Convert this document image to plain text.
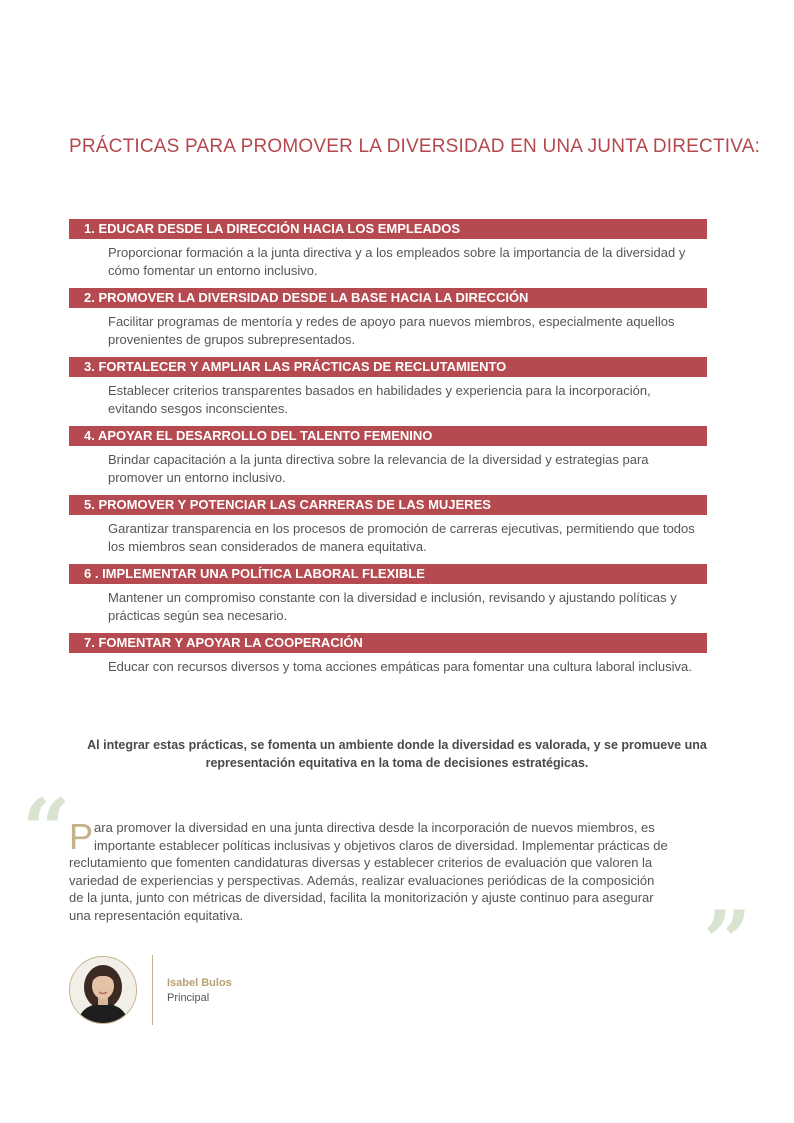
PRÁCTICAS PARA PROMOVER LA DIVERSIDAD EN UNA JUNTA DIRECTIVA:
1. EDUCAR DESDE LA DIRECCIÓN HACIA LOS EMPLEADOS
Proporcionar formación a la junta directiva y a los empleados sobre la importancia de la diversidad y cómo fomentar un entorno inclusivo.
2. PROMOVER LA DIVERSIDAD DESDE LA BASE HACIA LA DIRECCIÓN
Facilitar programas de mentoría y redes de apoyo para nuevos miembros, especialmente aquellos provenientes de grupos subrepresentados.
3. FORTALECER Y AMPLIAR LAS PRÁCTICAS DE RECLUTAMIENTO
Establecer criterios transparentes basados en habilidades y experiencia para la incorporación, evitando sesgos inconscientes.
4. APOYAR EL DESARROLLO DEL TALENTO FEMENINO
Brindar capacitación a la junta directiva sobre la relevancia de la diversidad y estrategias para promover un entorno inclusivo.
5. PROMOVER Y POTENCIAR LAS CARRERAS DE LAS MUJERES
Garantizar transparencia en los procesos de promoción de carreras ejecutivas, permitiendo que todos los miembros sean considerados de manera equitativa.
6 . IMPLEMENTAR UNA POLÍTICA LABORAL FLEXIBLE
Mantener un compromiso constante con la diversidad e inclusión, revisando y ajustando políticas y prácticas según sea necesario.
7. FOMENTAR Y APOYAR LA COOPERACIÓN
Educar con recursos diversos y toma acciones empáticas para fomentar una cultura laboral inclusiva.
Al integrar estas prácticas, se fomenta un ambiente donde la diversidad es valorada, y se promueve una representación equitativa en la toma de decisiones estratégicas.
“
Para promover la diversidad en una junta directiva desde la incorporación de nuevos miembros, es importante establecer políticas inclusivas y objetivos claros de diversidad. Implementar prácticas de reclutamiento que fomenten candidaturas diversas y establecer criterios de evaluación que valoren la variedad de experiencias y perspectivas. Además, realizar evaluaciones periódicas de la composición de la junta, junto con métricas de diversidad, facilita la monitorización y ajuste continuo para asegurar una representación equitativa.	”
Isabel Bulos
Principal
